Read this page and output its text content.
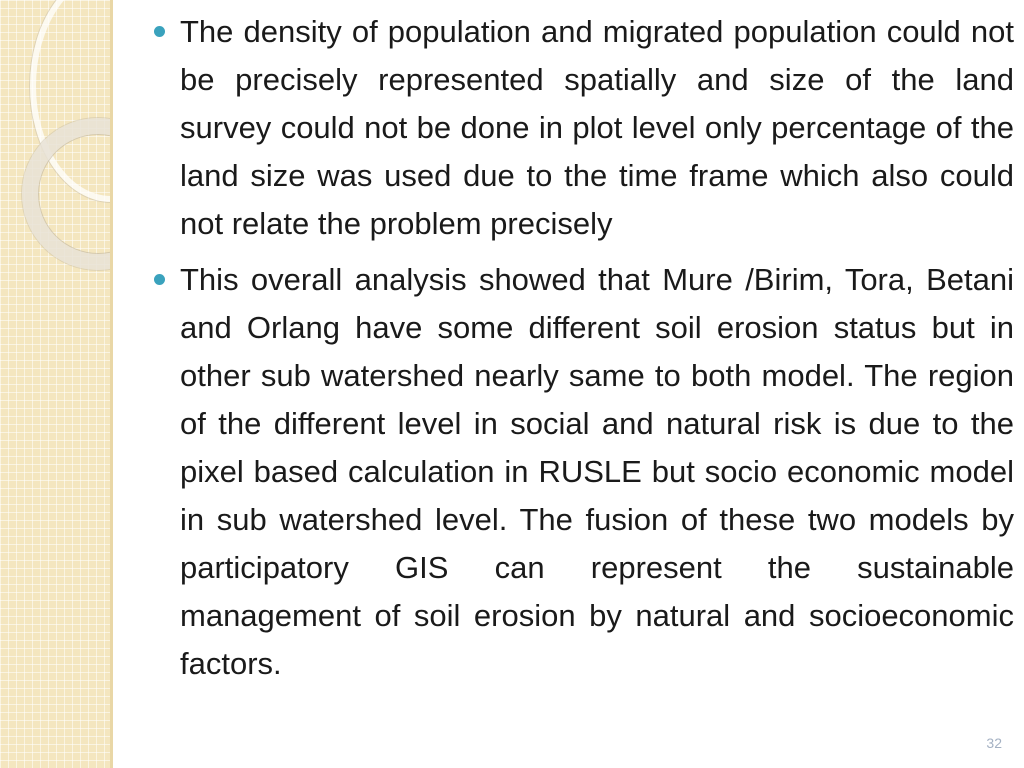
The density of population and migrated population could not be precisely represented spatially and size of the land survey could not be done in plot level only percentage of the land size was used due to the time frame which also could not relate the problem precisely
This overall analysis showed that Mure /Birim, Tora, Betani and Orlang have some different soil erosion status but in other sub watershed nearly same to both model. The region of the different level in social and natural risk is due to the pixel based calculation in RUSLE but socio economic model in sub watershed level. The fusion of these two models by participatory GIS can represent the sustainable management of soil erosion by natural and socioeconomic factors.
32
